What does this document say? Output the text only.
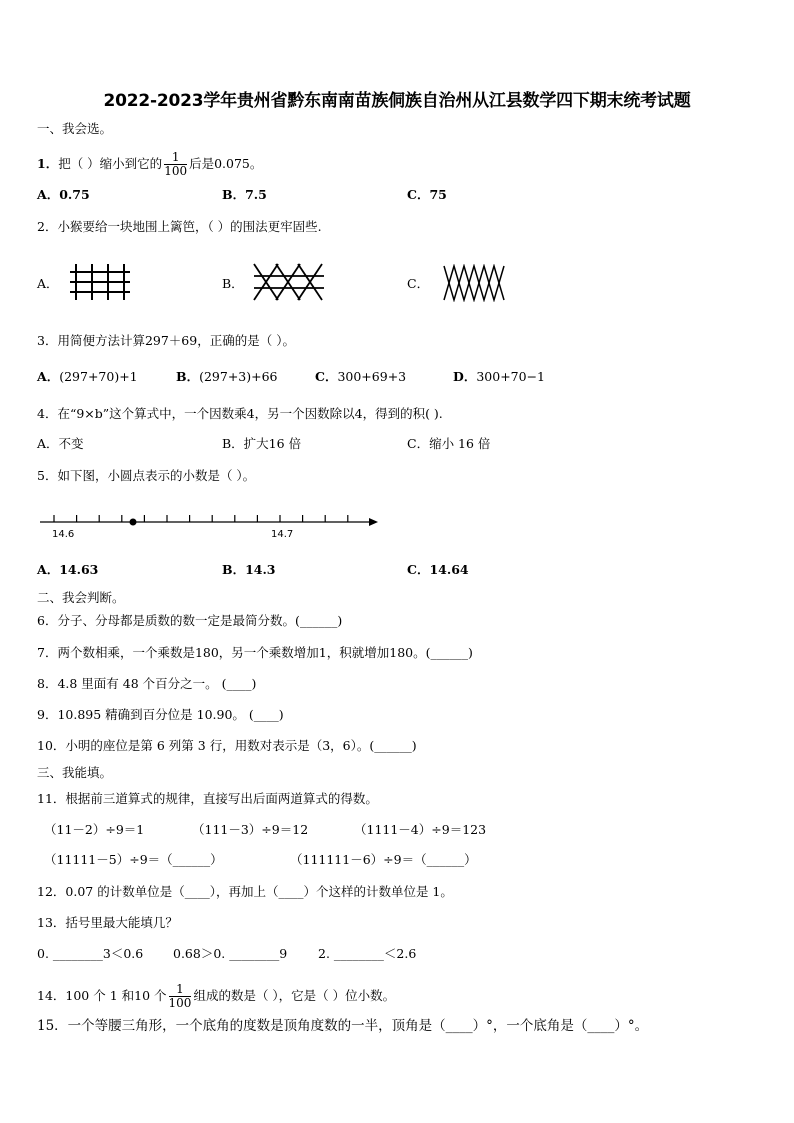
2022-2023学年贵州省黔东南南苗族侗族自治州从江县数学四下期末统考试题
一、我会选。
1．把（ ）缩小到它的 $\frac{1}{100}$ 后是0.075。
A．0.75	B．7.5	C．75
2．小猴要给一块地围上篱笆，（ ）的围法更牢固些.
A．	B．	C．
3．用简便方法计算297＋69，正确的是（ ）。
A．(297+70)+1	B．(297+3)+66	C．300+69+3	D．300+70−1
4．在“9×b”这个算式中，一个因数乘4，另一个因数除以4，得到的积( ).
A．不变	B．扩大16 倍	C．缩小 16 倍
5．如下图，小圆点表示的小数是（ ）。
14.6	14.7
A．14.63	B．14.3	C．14.64
二、我会判断。
6．分子、分母都是质数的数一定是最简分数。(______)
7．两个数相乘，一个乘数是180，另一个乘数增加1，积就增加180。(______)
8．4.8 里面有 48 个百分之一。 (____)
9．10.895 精确到百分位是 10.90。 (____)
10．小明的座位是第 6 列第 3 行，用数对表示是（3，6）。(______)
三、我能填。
11．根据前三道算式的规律，直接写出后面两道算式的得数。
（11－2）÷9＝1	（111－3）÷9＝12	（1111－4）÷9＝123
（11111－5）÷9＝（______）	（111111－6）÷9＝（______）
12．0.07 的计数单位是（____），再加上（____）个这样的计数单位是 1。
13．括号里最大能填几？
0. ________3＜0.6 0.68＞0. ________9 2. ________＜2.6
14．100 个 1 和10 个 $\frac{1}{100}$ 组成的数是（ ），它是（ ）位小数。
15．一个等腰三角形，一个底角的度数是顶角度数的一半，顶角是（____）°，一个底角是（____）°。
